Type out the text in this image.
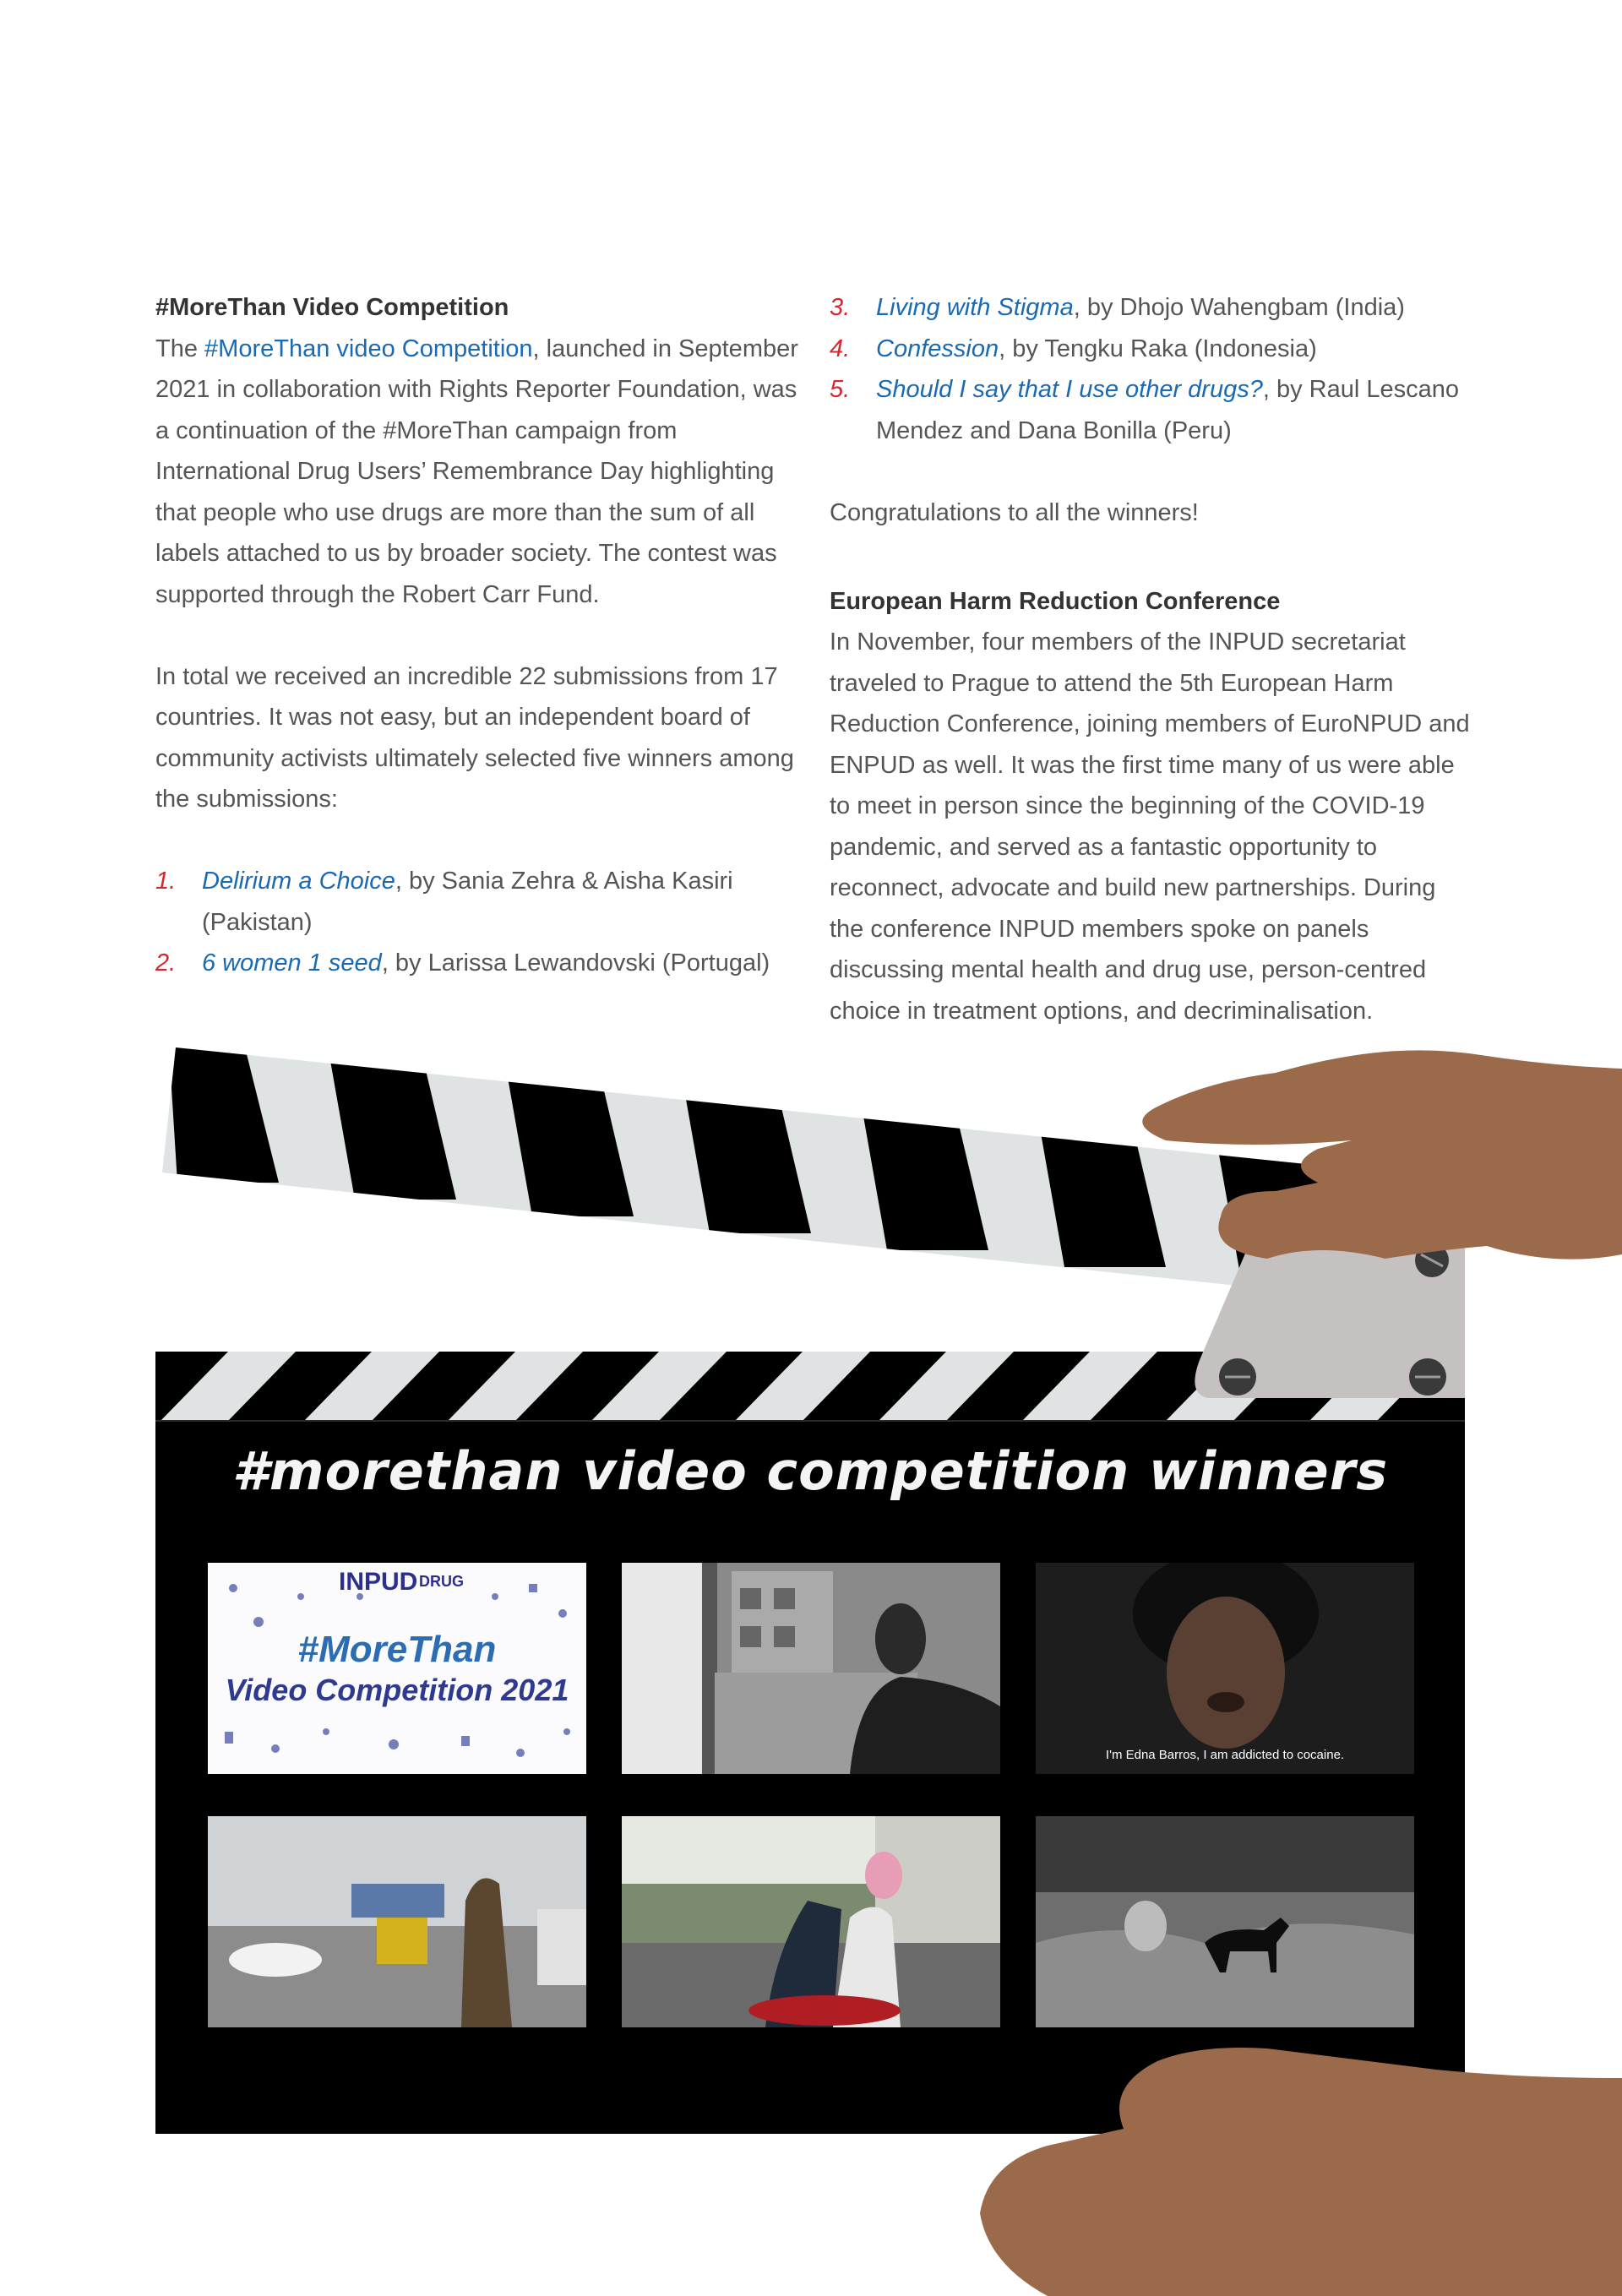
#MoreThan Video Competition

The #MoreThan video Competition, launched in September 2021 in collaboration with Rights Reporter Foundation, was a continuation of the #MoreThan campaign from International Drug Users’ Remembrance Day highlighting that people who use drugs are more than the sum of all labels attached to us by broader society. The contest was supported through the Robert Carr Fund.

In total we received an incredible 22 submissions from 17 countries. It was not easy, but an independent board of community activists ultimately selected five winners among the submissions:

1. Delirium a Choice, by Sania Zehra & Aisha Kasiri (Pakistan)
2. 6 women 1 seed, by Larissa Lewandovski (Portugal)
3. Living with Stigma, by Dhojo Wahengbam (India)
4. Confession, by Tengku Raka (Indonesia)
5. Should I say that I use other drugs?, by Raul Lescano Mendez and Dana Bonilla (Peru)

Congratulations to all the winners!

European Harm Reduction Conference

In November, four members of the INPUD secretariat traveled to Prague to attend the 5th European Harm Reduction Conference, joining members of EuroNPUD and ENPUD as well. It was the first time many of us were able to meet in person since the beginning of the COVID-19 pandemic, and served as a fantastic opportunity to reconnect, advocate and build new partnerships. During the conference INPUD members spoke on panels discussing mental health and drug use, person-centred choice in treatment options, and decriminalisation.

#morethan video competition winners
INPUD DRUG
#MoreThan
Video Competition 2021
I'm Edna Barros, I am addicted to cocaine.
